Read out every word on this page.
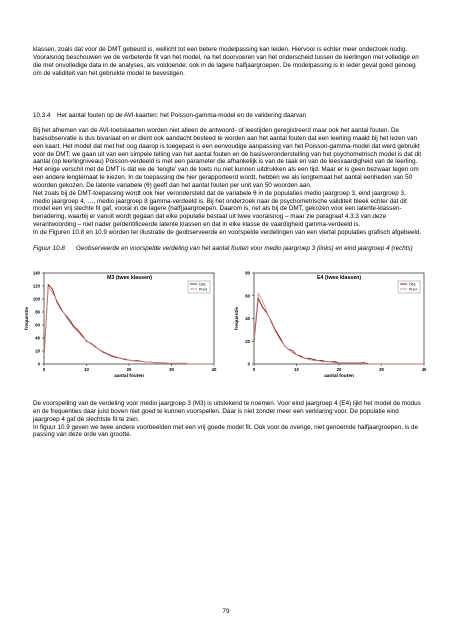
klassen, zoals dat voor de DMT gebeurd is, wellicht tot een betere modelpassing kan leiden. Hiervoor is echter meer onderzoek nodig.

Vooralsnog beschouwen we de verbeterde fit van het model, na het doorvoeren van het onderscheid tussen de leerlingen met volledige en die met onvolledige data in de analyses, als voldoende; ook in de lagere halfjaargroepen. De modelpassing is in ieder geval goed genoeg om de validiteit van het gebruikte model te bevestigen.

10.3.4 Het aantal fouten op de AVI-kaarten: het Poisson-gamma-model en de validering daarvan

Bij het afnemen van de AVI-toetskaarten worden niet alleen de antwoord- of leestijden geregistreerd maar ook het aantal fouten. De basisobservatie is dus bivariaat en er dient ook aandacht besteed te worden aan het aantal fouten dat een leerling maakt bij het lezen van een kaart. Het model dat met het oog daarop is toegepast is een eenvoudige aanpassing van het Poisson-gamma-model dat werd gebruikt voor de DMT: we gaan uit van een simpele telling van het aantal fouten en de basisveronderstelling van het psychometrisch model is dat dit aantal (op leerlingniveau) Poisson-verdeeld is met een parameter die afhankelijk is van de taak en van de leesvaardigheid van de leerling. Het enige verschil met de DMT is dat we de ‘lengte’ van de toets nu niet kunnen uitdrukken als een tijd. Maar er is geen bezwaar tegen om een andere lengtemaat te kiezen. In de toepassing die hier gerapporteerd wordt, hebben we als lengtemaat het aantal eenheden van 50 woorden gekozen. De latente variabele (θ) geeft dan het aantal fouten per unit van 50 woorden aan.

Net zoals bij de DMT-toepassing wordt ook hier verondersteld dat de variabele θ in de populaties medio jaargroep 3, eind jaargroep 3, medio jaargroep 4, …, medio jaargroep 8 gamma-verdeeld is. Bij het onderzoek naar de psychometrische validiteit bleek echter dat dit model een vrij slechte fit gaf, vooral in de lagere (half)jaargroepen. Daarom is, net als bij de DMT, gekozen voor een latente-klassen-benadering, waarbij er vanuit wordt gegaan dat elke populatie bestaat uit twee vooralsnog – maar zie paragraaf 4.3.3 van deze verantwoording – niet nader geïdentificeerde latente klassen en dat in elke klasse de vaardigheid gamma-verdeeld is.

In de Figuren 10.8 en 10.9 worden ter illustratie de geobserveerde en voorspelde verdelingen van een viertal populaties grafisch afgebeeld.

Figuur 10.8 Geobserveerde en voorspelde verdeling van het aantal fouten voor medio jaargroep 3 (links) en eind jaargroep 4 (rechts)
M3 (twee klassen)
0
20
40
60
80
100
120
140
0	10	20	30	40
aantal fouten
frequentie
Obs
Pred
E4 (twee klassen)
0
20
40
60
80
0	10	20	30	40
aantal fouten
frequentie
Obs
Pred

De voorspelling van de verdeling voor medio jaargroep 3 (M3) is uitstekend te noemen. Voor eind jaargroep 4 (E4) lijkt het model de modus en de frequenties daar juist boven niet goed te kunnen voorspellen. Daar is niet zonder meer een verklaring voor. De populatie eind jaargroep 4 gaf de slechtste fit te zien.

In figuur 10.9 geven we twee andere voorbeelden met een vrij goede model fit. Ook voor de overige, niet genoemde halfjaargroepen, is de passing van deze orde van grootte.

79
